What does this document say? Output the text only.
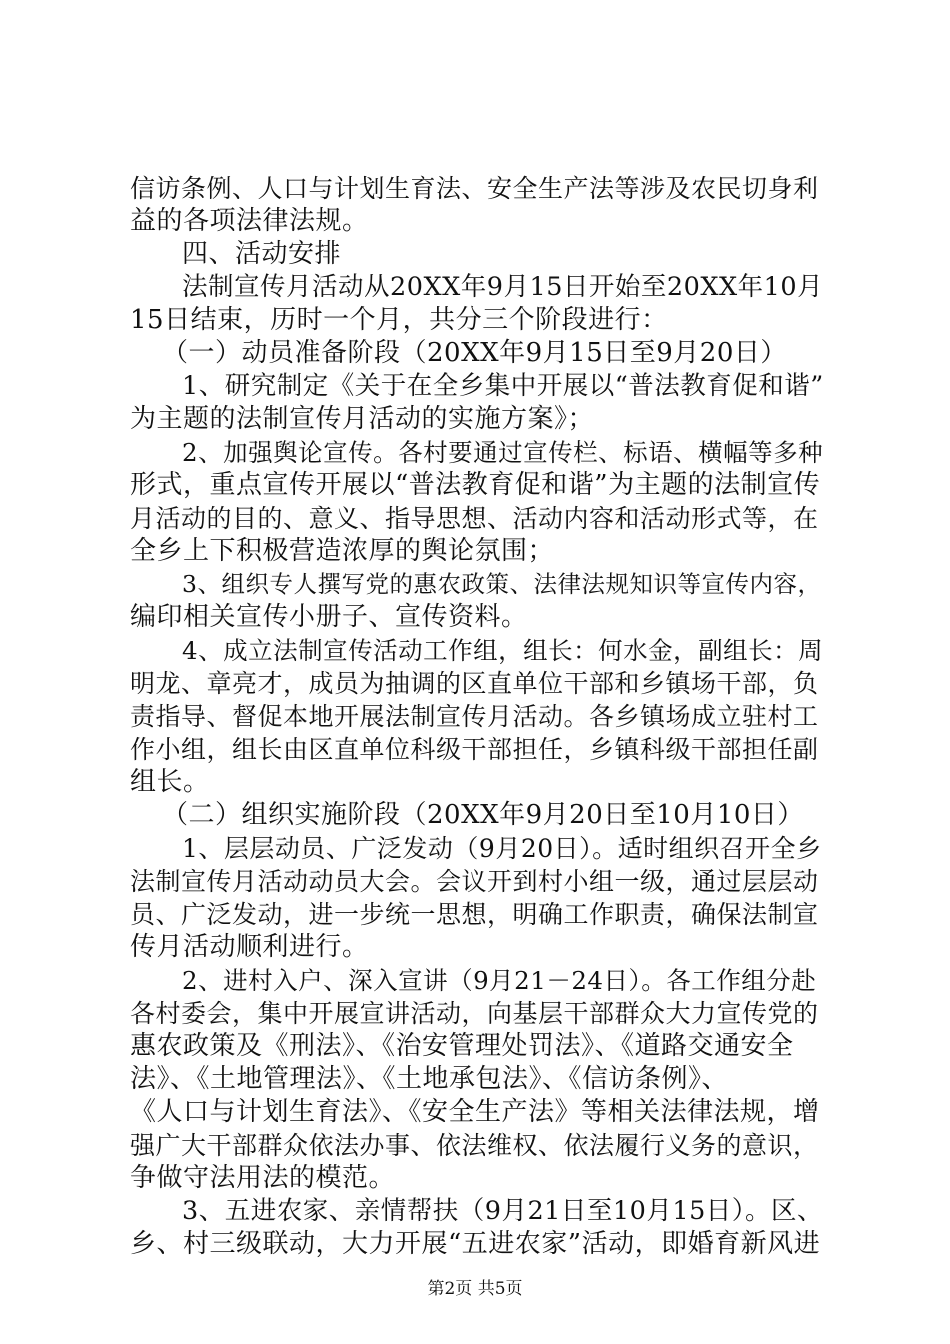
信访条例、人口与计划生育法、安全生产法等涉及农民切身利
益的各项法律法规。
四、活动安排
法制宣传月活动从20XX年9月15日开始至20XX年10月
15日结束，历时一个月，共分三个阶段进行：
（一）动员准备阶段（20XX年9月15日至9月20日）
1、研究制定《关于在全乡集中开展以“普法教育促和谐”
为主题的法制宣传月活动的实施方案》；
2、加强舆论宣传。各村要通过宣传栏、标语、横幅等多种
形式，重点宣传开展以“普法教育促和谐”为主题的法制宣传
月活动的目的、意义、指导思想、活动内容和活动形式等，在
全乡上下积极营造浓厚的舆论氛围；
3、组织专人撰写党的惠农政策、法律法规知识等宣传内容，
编印相关宣传小册子、宣传资料。
4、成立法制宣传活动工作组，组长：何水金，副组长：周
明龙、章亮才，成员为抽调的区直单位干部和乡镇场干部，负
责指导、督促本地开展法制宣传月活动。各乡镇场成立驻村工
作小组，组长由区直单位科级干部担任，乡镇科级干部担任副
组长。
（二）组织实施阶段（20XX年9月20日至10月10日）
1、层层动员、广泛发动（9月20日）。适时组织召开全乡
法制宣传月活动动员大会。会议开到村小组一级，通过层层动
员、广泛发动，进一步统一思想，明确工作职责，确保法制宣
传月活动顺利进行。
2、进村入户、深入宣讲（9月21－24日）。各工作组分赴
各村委会，集中开展宣讲活动，向基层干部群众大力宣传党的
惠农政策及《刑法》、《治安管理处罚法》、《道路交通安全
法》、《土地管理法》、《土地承包法》、《信访条例》、
《人口与计划生育法》、《安全生产法》等相关法律法规，增
强广大干部群众依法办事、依法维权、依法履行义务的意识，
争做守法用法的模范。
3、五进农家、亲情帮扶（9月21日至10月15日）。区、
乡、村三级联动，大力开展“五进农家”活动，即婚育新风进
第2页 共5页
